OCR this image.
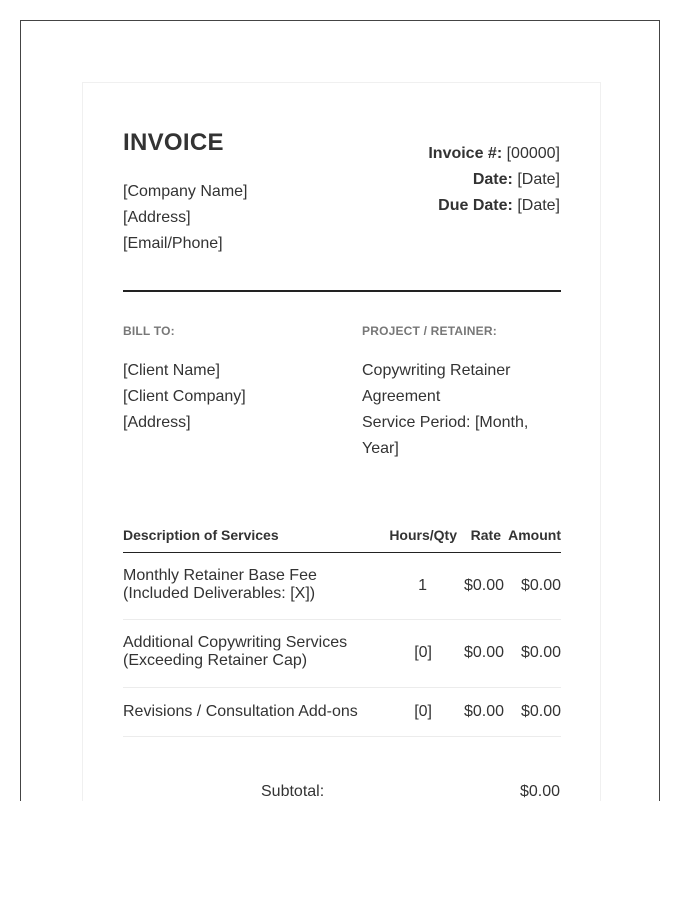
INVOICE
[Company Name]
[Address]
[Email/Phone]
Invoice #: [00000]
Date: [Date]
Due Date: [Date]
BILL TO:	PROJECT / RETAINER:
[Client Name]
[Client Company]
[Address]
Copywriting Retainer
Agreement
Service Period: [Month,
Year]
Description of Services	Hours/Qty Rate Amount
Monthly Retainer Base Fee
(Included Deliverables: [X])	1 $0.00 $0.00
Additional Copywriting Services
(Exceeding Retainer Cap)	[0] $0.00 $0.00
Revisions / Consultation Add-ons	[0] $0.00 $0.00
Subtotal:	$0.00
